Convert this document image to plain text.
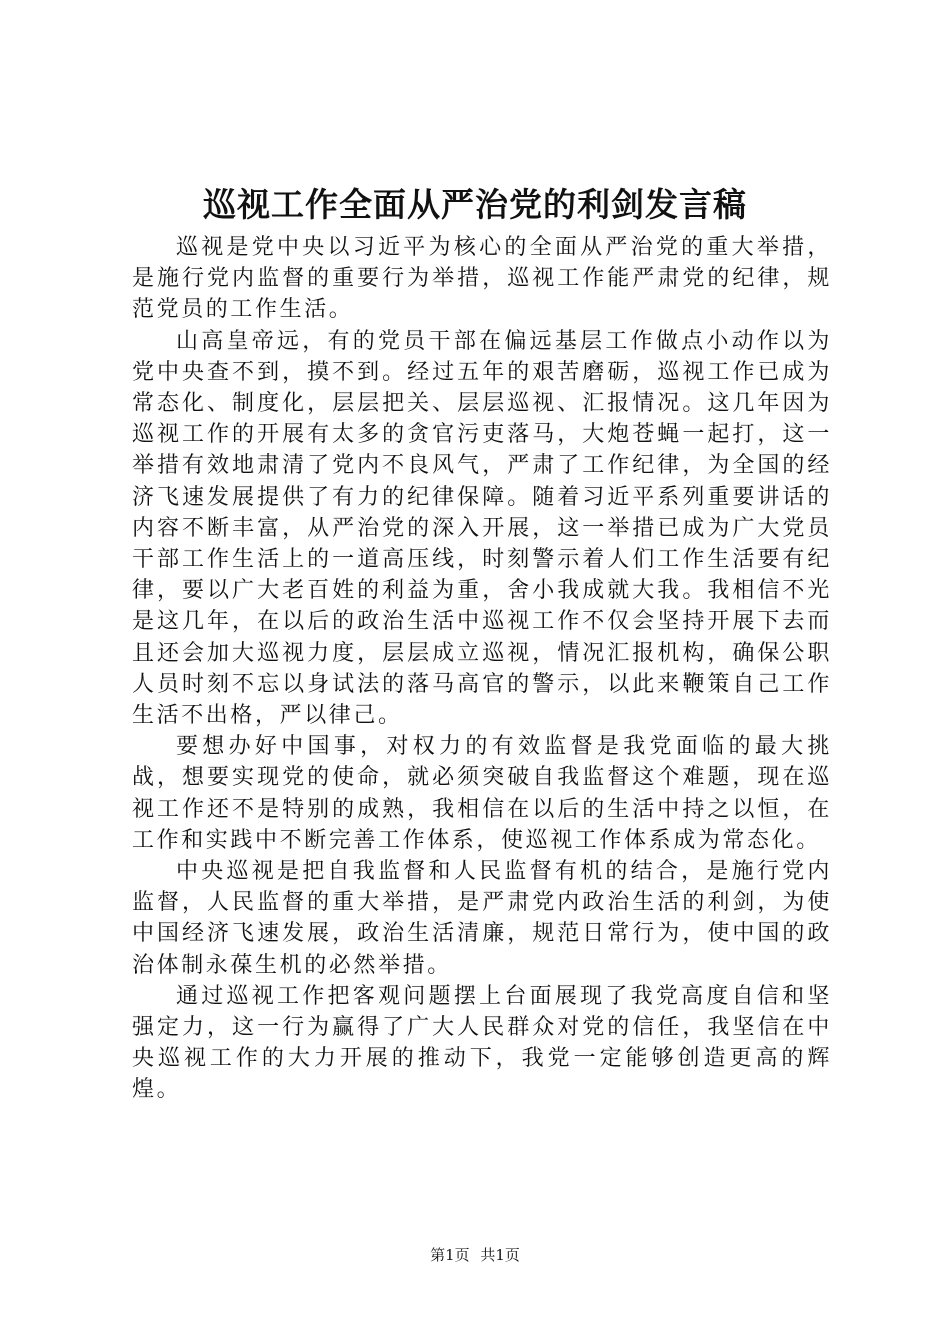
巡视工作全面从严治党的利剑发言稿

巡视是党中央以习近平为核心的全面从严治党的重大举措，是施行党内监督的重要行为举措，巡视工作能严肃党的纪律，规范党员的工作生活。

山高皇帝远，有的党员干部在偏远基层工作做点小动作以为党中央查不到，摸不到。经过五年的艰苦磨砺，巡视工作已成为常态化、制度化，层层把关、层层巡视、汇报情况。这几年因为巡视工作的开展有太多的贪官污吏落马，大炮苍蝇一起打，这一举措有效地肃清了党内不良风气，严肃了工作纪律，为全国的经济飞速发展提供了有力的纪律保障。随着习近平系列重要讲话的内容不断丰富，从严治党的深入开展，这一举措已成为广大党员干部工作生活上的一道高压线，时刻警示着人们工作生活要有纪律，要以广大老百姓的利益为重，舍小我成就大我。我相信不光是这几年，在以后的政治生活中巡视工作不仅会坚持开展下去而且还会加大巡视力度，层层成立巡视，情况汇报机构，确保公职人员时刻不忘以身试法的落马高官的警示，以此来鞭策自己工作生活不出格，严以律己。

要想办好中国事，对权力的有效监督是我党面临的最大挑战，想要实现党的使命，就必须突破自我监督这个难题，现在巡视工作还不是特别的成熟，我相信在以后的生活中持之以恒，在工作和实践中不断完善工作体系，使巡视工作体系成为常态化。

中央巡视是把自我监督和人民监督有机的结合，是施行党内监督，人民监督的重大举措，是严肃党内政治生活的利剑，为使中国经济飞速发展，政治生活清廉，规范日常行为，使中国的政治体制永葆生机的必然举措。

通过巡视工作把客观问题摆上台面展现了我党高度自信和坚强定力，这一行为赢得了广大人民群众对党的信任，我坚信在中央巡视工作的大力开展的推动下，我党一定能够创造更高的辉煌。

第1页 共1页
